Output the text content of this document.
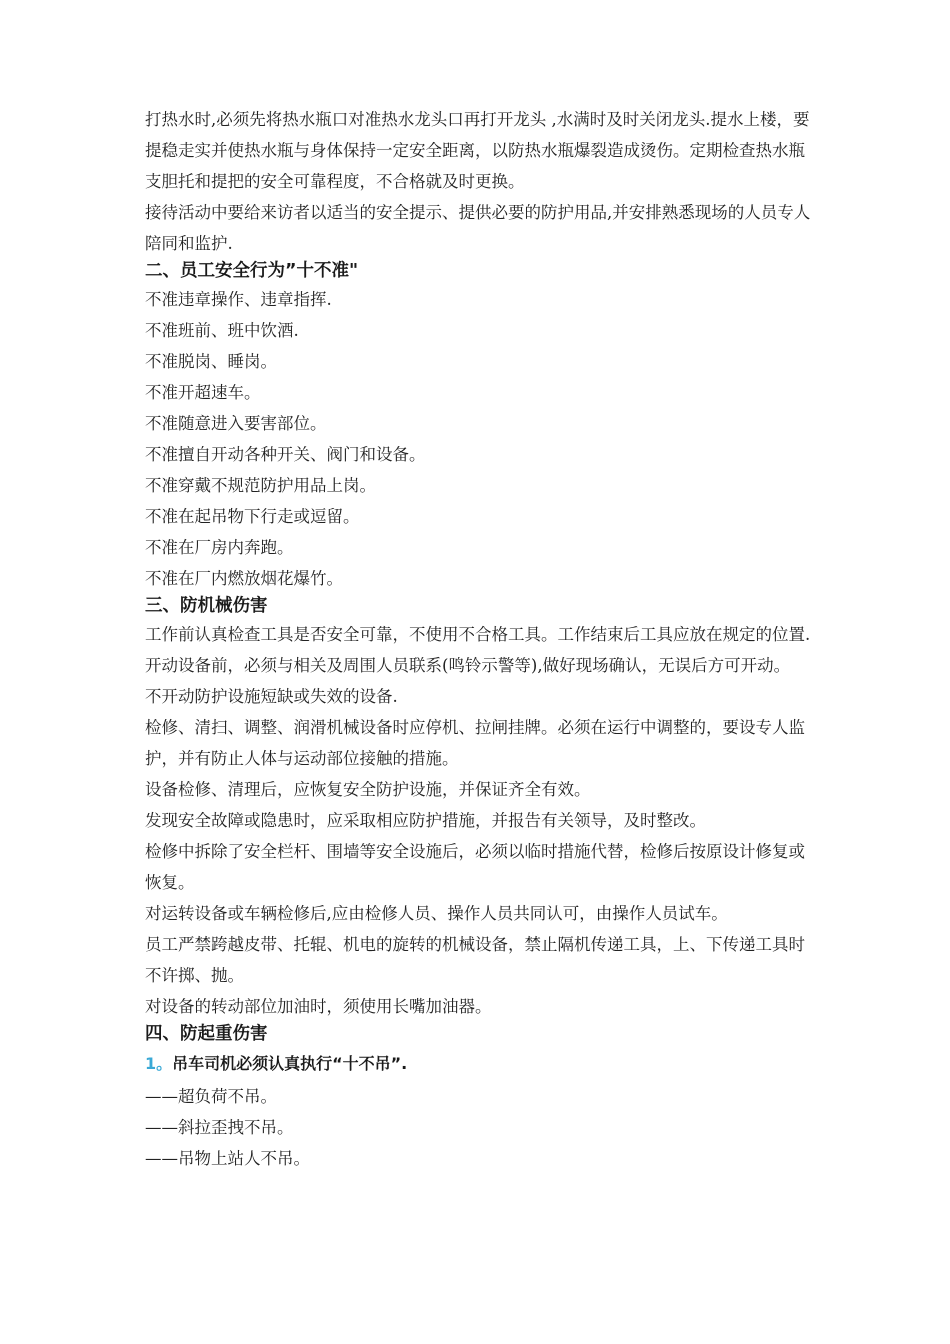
打热水时,必须先将热水瓶口对准热水龙头口再打开龙头 ,水满时及时关闭龙头.提水上楼，要提稳走实并使热水瓶与身体保持一定安全距离，以防热水瓶爆裂造成烫伤。定期检查热水瓶支胆托和提把的安全可靠程度，不合格就及时更换。

接待活动中要给来访者以适当的安全提示、提供必要的防护用品,并安排熟悉现场的人员专人陪同和监护.

二、员工安全行为”十不准"

不准违章操作、违章指挥.

不准班前、班中饮酒.

不准脱岗、睡岗。

不准开超速车。

不准随意进入要害部位。

不准擅自开动各种开关、阀门和设备。

不准穿戴不规范防护用品上岗。

不准在起吊物下行走或逗留。

不准在厂房内奔跑。

不准在厂内燃放烟花爆竹。

三、防机械伤害

工作前认真检查工具是否安全可靠，不使用不合格工具。工作结束后工具应放在规定的位置.

开动设备前，必须与相关及周围人员联系(鸣铃示警等),做好现场确认，无误后方可开动。

不开动防护设施短缺或失效的设备.

检修、清扫、调整、润滑机械设备时应停机、拉闸挂牌。必须在运行中调整的，要设专人监护，并有防止人体与运动部位接触的措施。

设备检修、清理后，应恢复安全防护设施，并保证齐全有效。

发现安全故障或隐患时，应采取相应防护措施，并报告有关领导，及时整改。

检修中拆除了安全栏杆、围墙等安全设施后，必须以临时措施代替，检修后按原设计修复或恢复。

对运转设备或车辆检修后,应由检修人员、操作人员共同认可，由操作人员试车。

员工严禁跨越皮带、托辊、机电的旋转的机械设备，禁止隔机传递工具，上、下传递工具时不许掷、抛。

对设备的转动部位加油时，须使用长嘴加油器。

四、防起重伤害

1。吊车司机必须认真执行“十不吊”.

——超负荷不吊。

——斜拉歪拽不吊。

——吊物上站人不吊。
